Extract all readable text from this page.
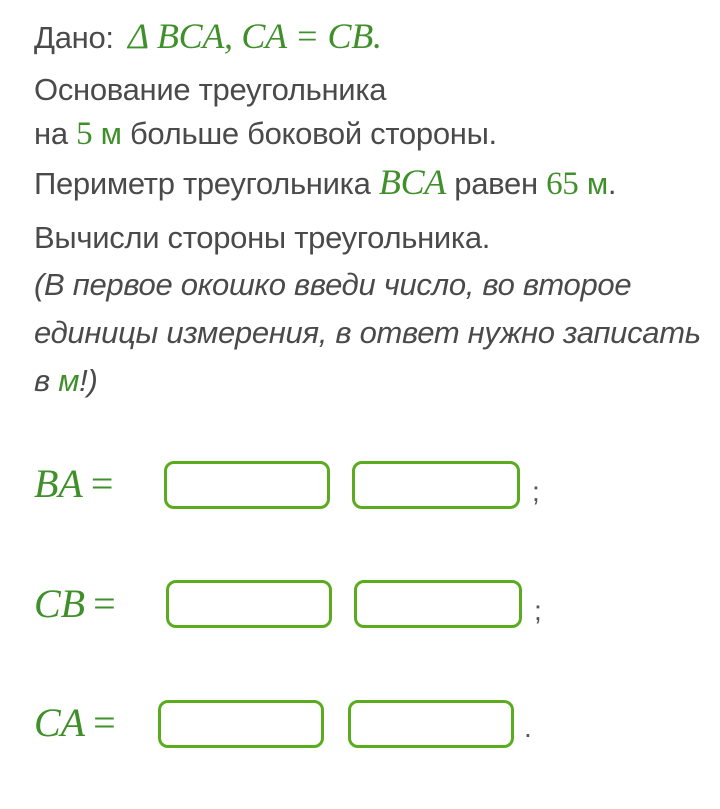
Дано: Δ BCA, CA = CB.
Основание треугольника
на 5 м больше боковой стороны.
Периметр треугольника BCA равен 65 м.
Вычисли стороны треугольника.
(В первое окошко введи число, во второе
единицы измерения, в ответ нужно записать
в м!)
BA =	;
CB =	;
CA =	.
